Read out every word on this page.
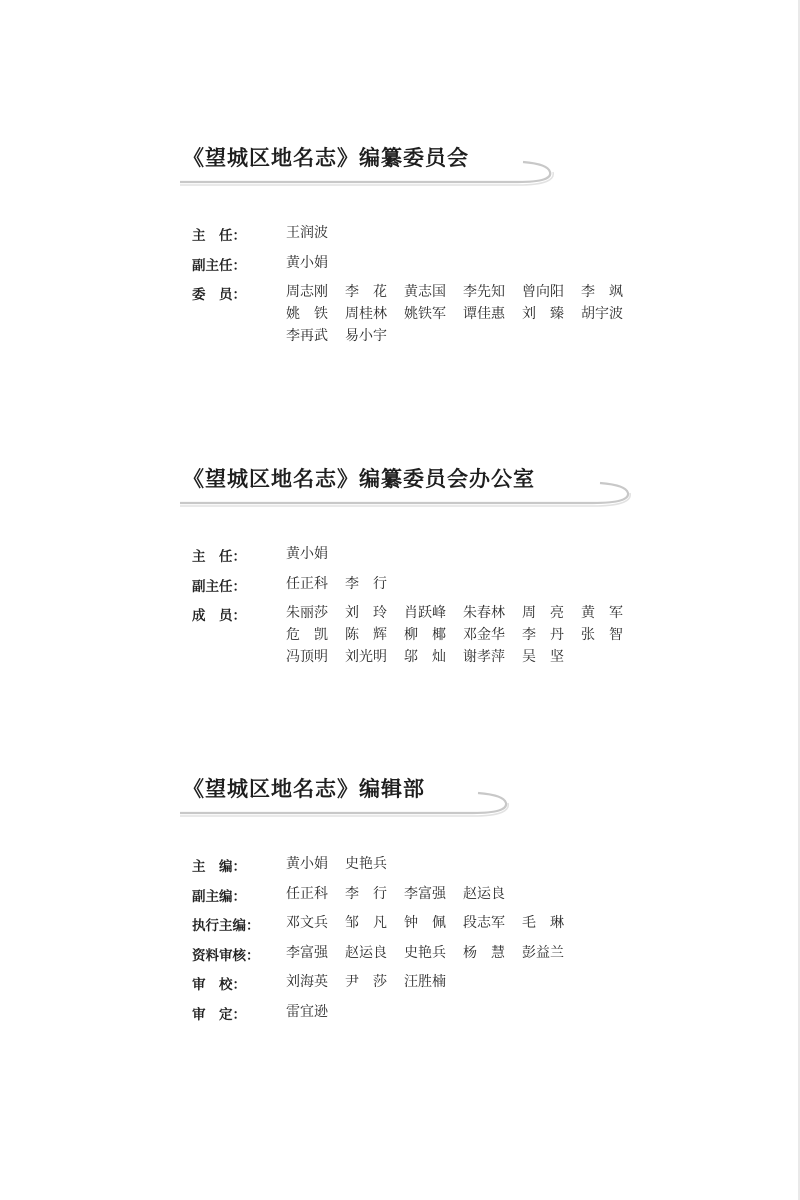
《望城区地名志》编纂委员会
主　任：	王润波
副主任：	黄小娟
委　员：	周志刚	李　花	黄志国	李先知	曾向阳	李　飒
姚　铁	周桂林	姚铁军	谭佳惠	刘　臻	胡宇波
李再武	易小宇
《望城区地名志》编纂委员会办公室
主　任：	黄小娟
副主任：	任正科	李　行
成　员：	朱丽莎	刘　玲	肖跃峰	朱春林	周　亮	黄　军
危　凯	陈　辉	柳　椰	邓金华	李　丹	张　智
冯顶明	刘光明	邬　灿	谢孝萍	吴　坚
《望城区地名志》编辑部
主　编：	黄小娟	史艳兵
副主编：	任正科	李　行	李富强	赵运良
执行主编： 邓文兵	邹　凡	钟　佩	段志军	毛　琳
资料审核： 李富强	赵运良	史艳兵	杨　慧	彭益兰
审　校：	刘海英	尹　莎	汪胜楠
审　定：	雷宜逊
